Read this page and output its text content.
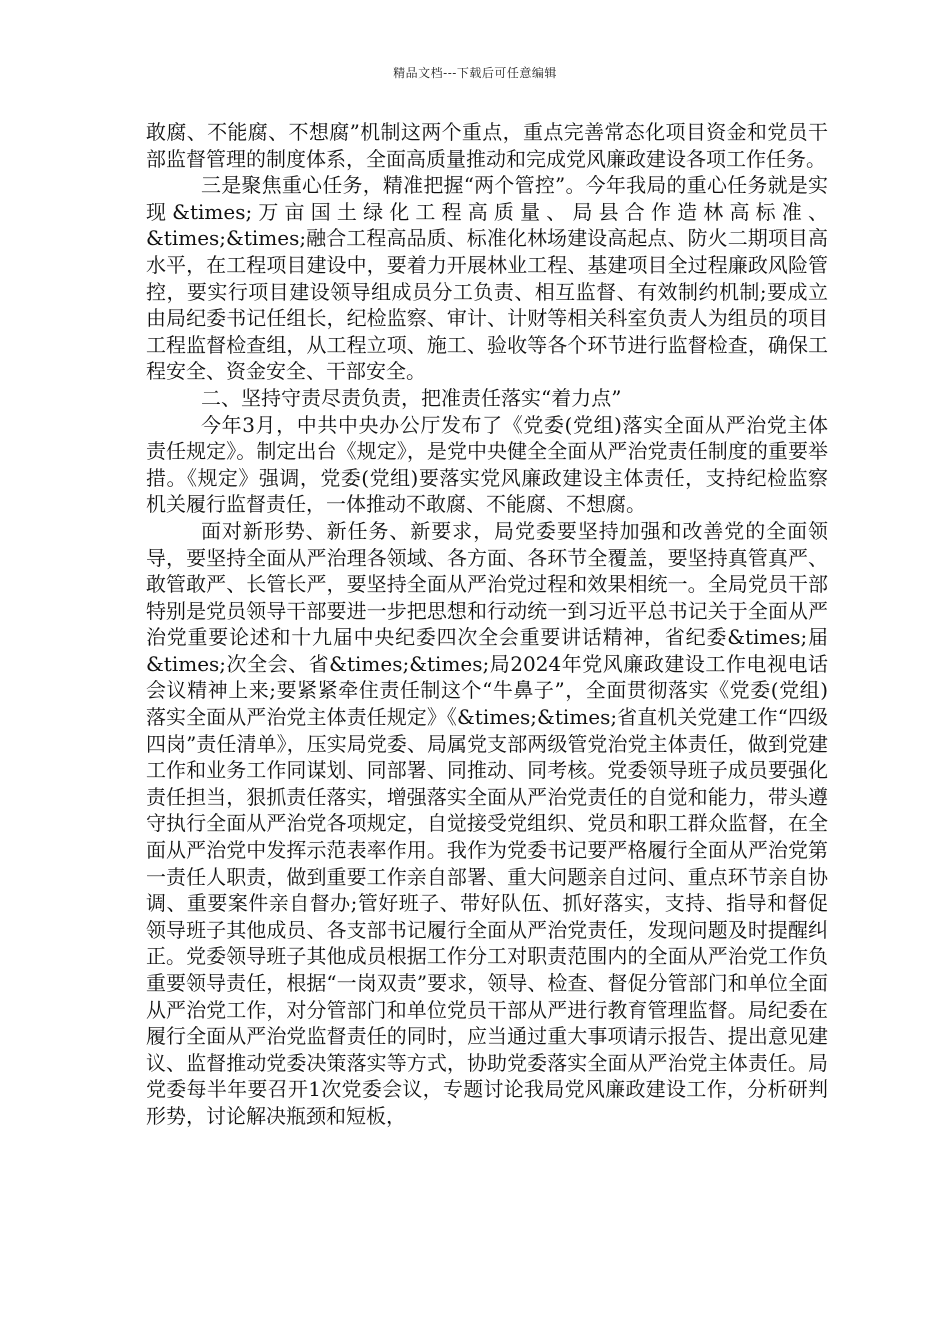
精品文档---下载后可任意编辑

敢腐、不能腐、不想腐”机制这两个重点，重点完善常态化项目资金和党员干部监督管理的制度体系，全面高质量推动和完成党风廉政建设各项工作任务。

三是聚焦重心任务，精准把握“两个管控”。今年我局的重心任务就是实现&times;万亩国土绿化工程高质量、局县合作造林高标准、&times;&times;融合工程高品质、标准化林场建设高起点、防火二期项目高水平，在工程项目建设中，要着力开展林业工程、基建项目全过程廉政风险管控，要实行项目建设领导组成员分工负责、相互监督、有效制约机制;要成立由局纪委书记任组长，纪检监察、审计、计财等相关科室负责人为组员的项目工程监督检查组，从工程立项、施工、验收等各个环节进行监督检查，确保工程安全、资金安全、干部安全。

二、坚持守责尽责负责，把准责任落实“着力点”

今年3月，中共中央办公厅发布了《党委(党组)落实全面从严治党主体责任规定》。制定出台《规定》，是党中央健全全面从严治党责任制度的重要举措。《规定》强调，党委(党组)要落实党风廉政建设主体责任，支持纪检监察机关履行监督责任，一体推动不敢腐、不能腐、不想腐。

面对新形势、新任务、新要求，局党委要坚持加强和改善党的全面领导，要坚持全面从严治理各领域、各方面、各环节全覆盖，要坚持真管真严、敢管敢严、长管长严，要坚持全面从严治党过程和效果相统一。全局党员干部特别是党员领导干部要进一步把思想和行动统一到习近平总书记关于全面从严治党重要论述和十九届中央纪委四次全会重要讲话精神，省纪委&times;届&times;次全会、省&times;&times;局2024年党风廉政建设工作电视电话会议精神上来;要紧紧牵住责任制这个“牛鼻子”，全面贯彻落实《党委(党组)落实全面从严治党主体责任规定》《&times;&times;省直机关党建工作“四级四岗”责任清单》，压实局党委、局属党支部两级管党治党主体责任，做到党建工作和业务工作同谋划、同部署、同推动、同考核。党委领导班子成员要强化责任担当，狠抓责任落实，增强落实全面从严治党责任的自觉和能力，带头遵守执行全面从严治党各项规定，自觉接受党组织、党员和职工群众监督，在全面从严治党中发挥示范表率作用。我作为党委书记要严格履行全面从严治党第一责任人职责，做到重要工作亲自部署、重大问题亲自过问、重点环节亲自协调、重要案件亲自督办;管好班子、带好队伍、抓好落实，支持、指导和督促领导班子其他成员、各支部书记履行全面从严治党责任，发现问题及时提醒纠正。党委领导班子其他成员根据工作分工对职责范围内的全面从严治党工作负重要领导责任，根据“一岗双责”要求，领导、检查、督促分管部门和单位全面从严治党工作，对分管部门和单位党员干部从严进行教育管理监督。局纪委在履行全面从严治党监督责任的同时，应当通过重大事项请示报告、提出意见建议、监督推动党委决策落实等方式，协助党委落实全面从严治党主体责任。局党委每半年要召开1次党委会议，专题讨论我局党风廉政建设工作，分析研判形势，讨论解决瓶颈和短板，
